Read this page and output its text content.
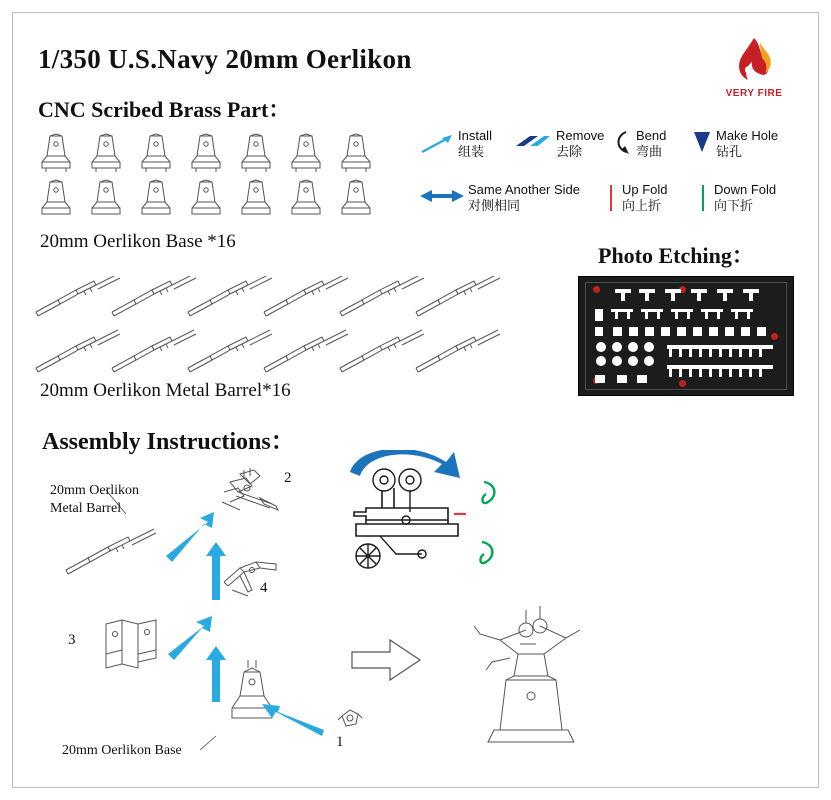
1/350 U.S.Navy 20mm Oerlikon
VERY FIRE
CNC Scribed Brass Part：
20mm Oerlikon Base *16
Install
组装
Remove
去除
Bend
弯曲
Make Hole
钻孔
Same Another Side
对侧相同
Up Fold
向上折
Down Fold
向下折
20mm Oerlikon Metal Barrel*16
Photo Etching：
Assembly Instructions：
2
4
3
1
20mm Oerlikon
Metal Barrel
20mm Oerlikon Base
